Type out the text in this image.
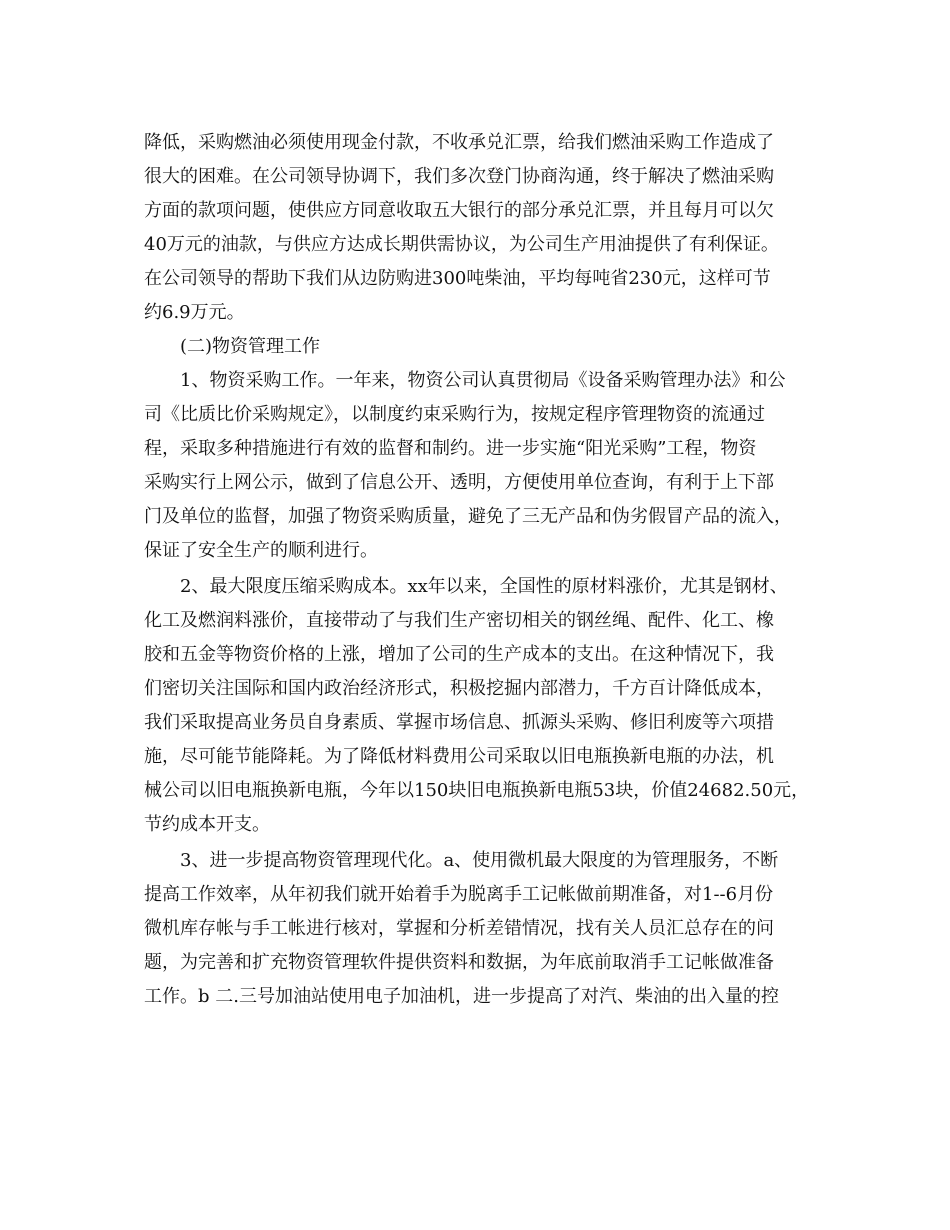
降低，采购燃油必须使用现金付款，不收承兑汇票，给我们燃油采购工作造成了
很大的困难。在公司领导协调下，我们多次登门协商沟通，终于解决了燃油采购
方面的款项问题，使供应方同意收取五大银行的部分承兑汇票，并且每月可以欠
40万元的油款，与供应方达成长期供需协议，为公司生产用油提供了有利保证。
在公司领导的帮助下我们从边防购进300吨柴油，平均每吨省230元，这样可节
约6.9万元。
(二)物资管理工作
1、物资采购工作。一年来，物资公司认真贯彻局《设备采购管理办法》和公
司《比质比价采购规定》，以制度约束采购行为，按规定程序管理物资的流通过
程，采取多种措施进行有效的监督和制约。进一步实施“阳光采购”工程，物资
采购实行上网公示，做到了信息公开、透明，方便使用单位查询，有利于上下部
门及单位的监督，加强了物资采购质量，避免了三无产品和伪劣假冒产品的流入，
保证了安全生产的顺利进行。
2、最大限度压缩采购成本。xx年以来，全国性的原材料涨价，尤其是钢材、
化工及燃润料涨价，直接带动了与我们生产密切相关的钢丝绳、配件、化工、橡
胶和五金等物资价格的上涨，增加了公司的生产成本的支出。在这种情况下，我
们密切关注国际和国内政治经济形式，积极挖掘内部潜力，千方百计降低成本，
我们采取提高业务员自身素质、掌握市场信息、抓源头采购、修旧利废等六项措
施，尽可能节能降耗。为了降低材料费用公司采取以旧电瓶换新电瓶的办法，机
械公司以旧电瓶换新电瓶，今年以150块旧电瓶换新电瓶53块，价值24682.50元，
节约成本开支。
3、进一步提高物资管理现代化。a、使用微机最大限度的为管理服务，不断
提高工作效率，从年初我们就开始着手为脱离手工记帐做前期准备，对1--6月份
微机库存帐与手工帐进行核对，掌握和分析差错情况，找有关人员汇总存在的问
题，为完善和扩充物资管理软件提供资料和数据，为年底前取消手工记帐做准备
工作。b 二.三号加油站使用电子加油机，进一步提高了对汽、柴油的出入量的控
